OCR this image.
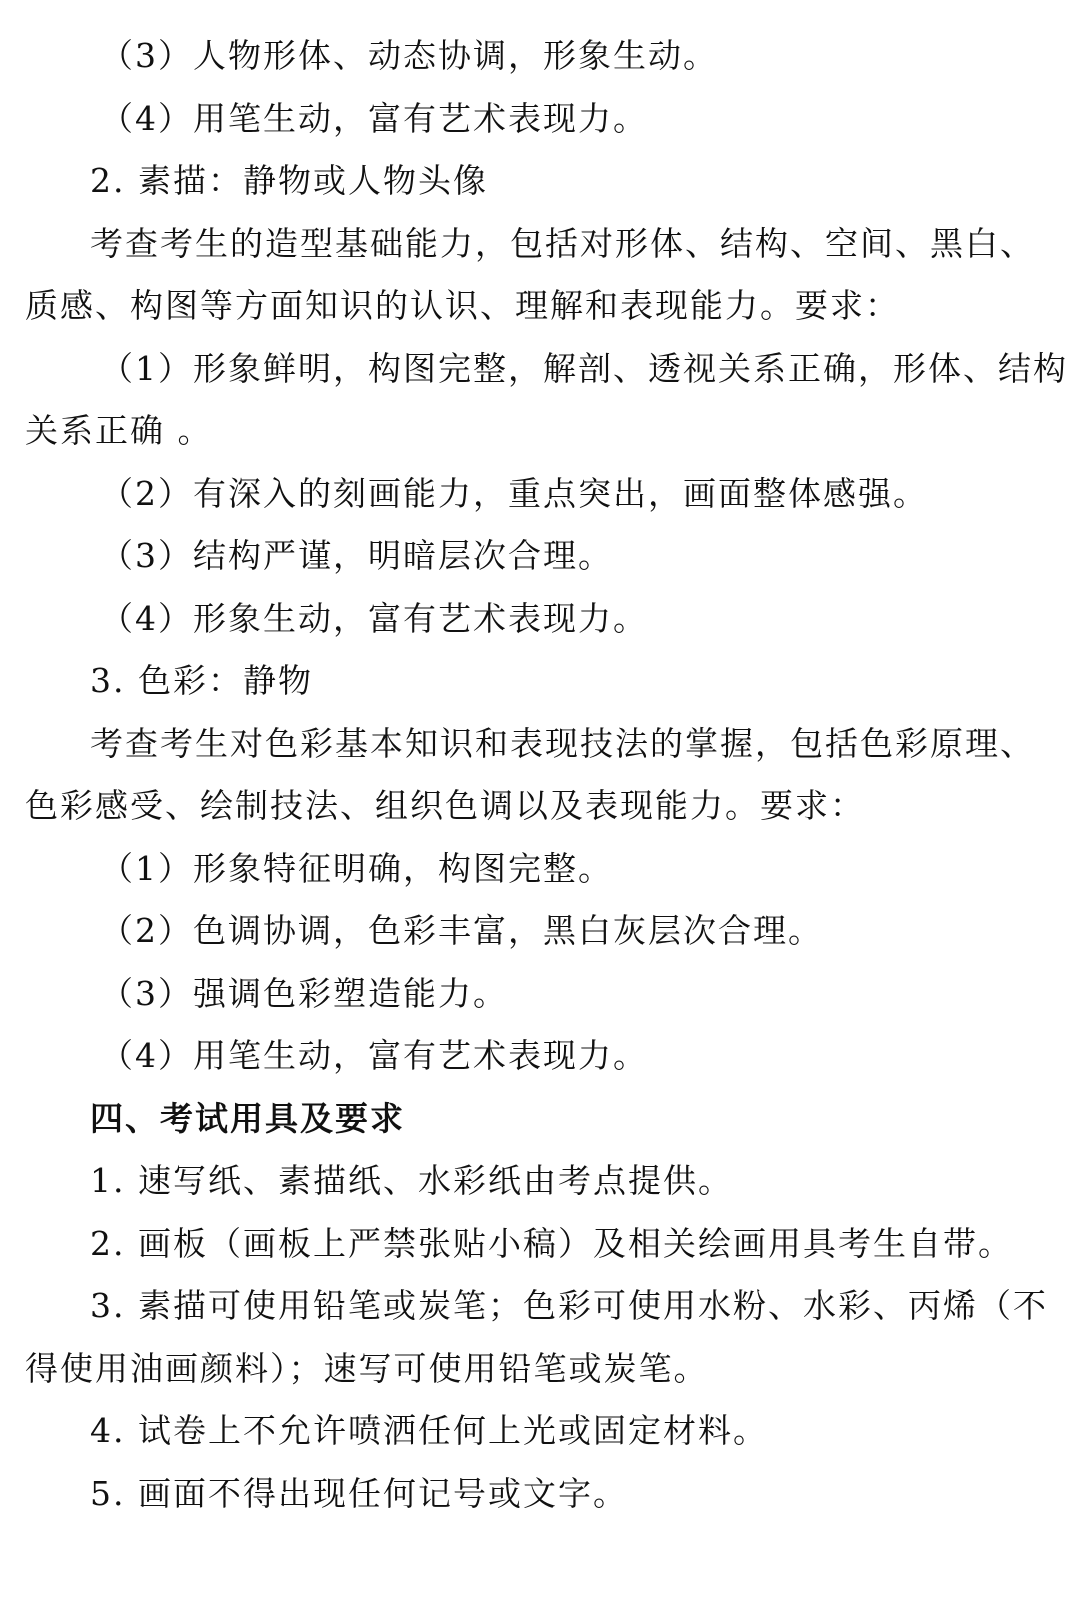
（3）人物形体、动态协调，形象生动。
（4）用笔生动，富有艺术表现力。
2. 素描：静物或人物头像
考查考生的造型基础能力，包括对形体、结构、空间、黑白、
质感、构图等方面知识的认识、理解和表现能力。要求：
（1）形象鲜明，构图完整，解剖、透视关系正确，形体、结构
关系正确 。
（2）有深入的刻画能力，重点突出，画面整体感强。
（3）结构严谨，明暗层次合理。
（4）形象生动，富有艺术表现力。
3. 色彩：静物
考查考生对色彩基本知识和表现技法的掌握，包括色彩原理、
色彩感受、绘制技法、组织色调以及表现能力。要求：
（1）形象特征明确，构图完整。
（2）色调协调，色彩丰富，黑白灰层次合理。
（3）强调色彩塑造能力。
（4）用笔生动，富有艺术表现力。
四、考试用具及要求
1. 速写纸、素描纸、水彩纸由考点提供。
2. 画板（画板上严禁张贴小稿）及相关绘画用具考生自带。
3. 素描可使用铅笔或炭笔；色彩可使用水粉、水彩、丙烯（不
得使用油画颜料）；速写可使用铅笔或炭笔。
4. 试卷上不允许喷洒任何上光或固定材料。
5. 画面不得出现任何记号或文字。
